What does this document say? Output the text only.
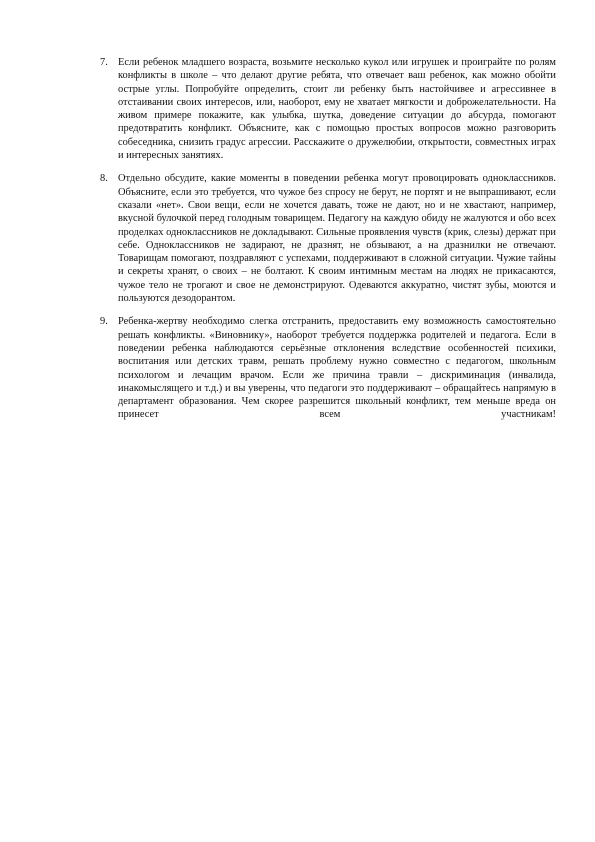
7. Если ребенок младшего возраста, возьмите несколько кукол или игрушек и проиграйте по ролям конфликты в школе – что делают другие ребята, что отвечает ваш ребенок, как можно обойти острые углы. Попробуйте определить, стоит ли ребенку быть настойчивее и агрессивнее в отстаивании своих интересов, или, наоборот, ему не хватает мягкости и доброжелательности. На живом примере покажите, как улыбка, шутка, доведение ситуации до абсурда, помогают предотвратить конфликт. Объясните, как с помощью простых вопросов можно разговорить собеседника, снизить градус агрессии. Расскажите о дружелюбии, открытости, совместных играх и интересных занятиях.

8. Отдельно обсудите, какие моменты в поведении ребенка могут провоцировать одноклассников. Объясните, если это требуется, что чужое без спросу не берут, не портят и не выпрашивают, если сказали «нет». Свои вещи, если не хочется давать, тоже не дают, но и не хвастают, например, вкусной булочкой перед голодным товарищем. Педагогу на каждую обиду не жалуются и обо всех проделках одноклассников не докладывают. Сильные проявления чувств (крик, слезы) держат при себе. Одноклассников не задирают, не дразнят, не обзывают, а на дразнилки не отвечают. Товарищам помогают, поздравляют с успехами, поддерживают в сложной ситуации. Чужие тайны и секреты хранят, о своих – не болтают. К своим интимным местам на людях не прикасаются, чужое тело не трогают и свое не демонстрируют. Одеваются аккуратно, чистят зубы, моются и пользуются дезодорантом.

9. Ребенка-жертву необходимо слегка отстранить, предоставить ему возможность самостоятельно решать конфликты. «Виновнику», наоборот требуется поддержка родителей и педагога. Если в поведении ребенка наблюдаются серьёзные отклонения вследствие особенностей психики, воспитания или детских травм, решать проблему нужно совместно с педагогом, школьным психологом и лечащим врачом. Если же причина травли – дискриминация (инвалида, инакомыслящего и т.д.) и вы уверены, что педагоги это поддерживают – обращайтесь напрямую в департамент образования. Чем скорее разрешится школьный конфликт, тем меньше вреда он принесет всем участникам!
